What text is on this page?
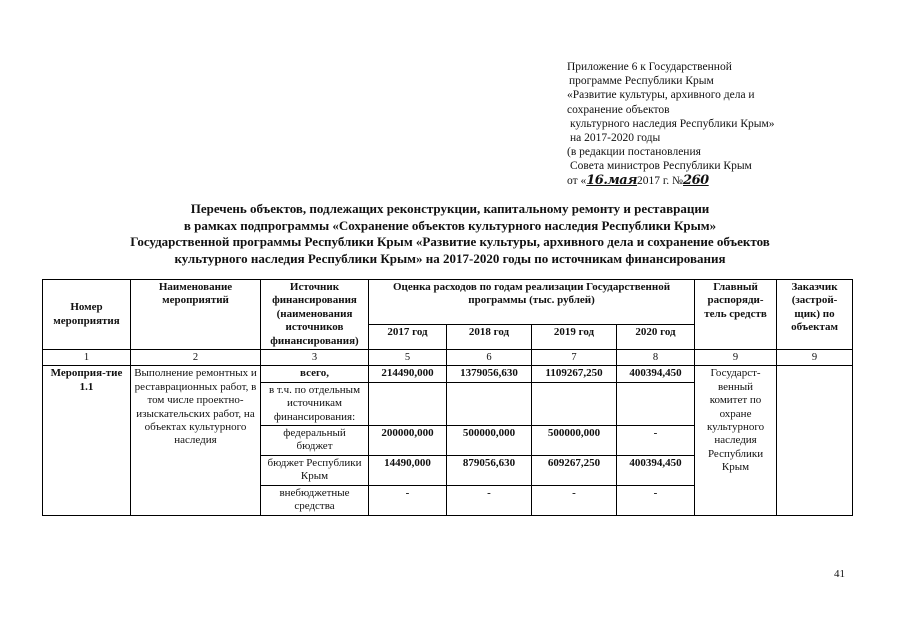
Приложение 6 к Государственной
программе Республики Крым
«Развитие культуры, архивного дела и
сохранение объектов
культурного наследия Республики Крым»
на 2017-2020 годы
(в редакции постановления
Совета министров Республики Крым
от «16.мая2017 г. №260
Перечень объектов, подлежащих реконструкции, капитальному ремонту и реставрации
в рамках подпрограммы «Сохранение объектов культурного наследия Республики Крым»
Государственной программы Республики Крым «Развитие культуры, архивного дела и сохранение объектов
культурного наследия Республики Крым» на 2017-2020 годы по источникам финансирования
Номер мероприятия	Наименование мероприятий	Источник финансирования (наименования источников финансирования)	Оценка расходов по годам реализации Государственной программы (тыс. рублей)				Главный распоряди-тель средств	Заказчик (застрой-щик) по объектам
			2017 год	2018 год	2019 год	2020 год		
1	2	3	5	6	7	8	9	9
Мероприя-тие 1.1	Выполнение ремонтных и реставрационных работ, в том числе проектно-изыскательских работ, на объектах культурного наследия	всего,	214490,000	1379056,630	1109267,250	400394,450	Государст-венный комитет по охране культурного наследия Республики Крым	
		в т.ч. по отдельным источникам финансирования:						
		федеральный бюджет	200000,000	500000,000	500000,000	-		
		бюджет Республики Крым	14490,000	879056,630	609267,250	400394,450		
		внебюджетные средства	-	-	-	-		
41
